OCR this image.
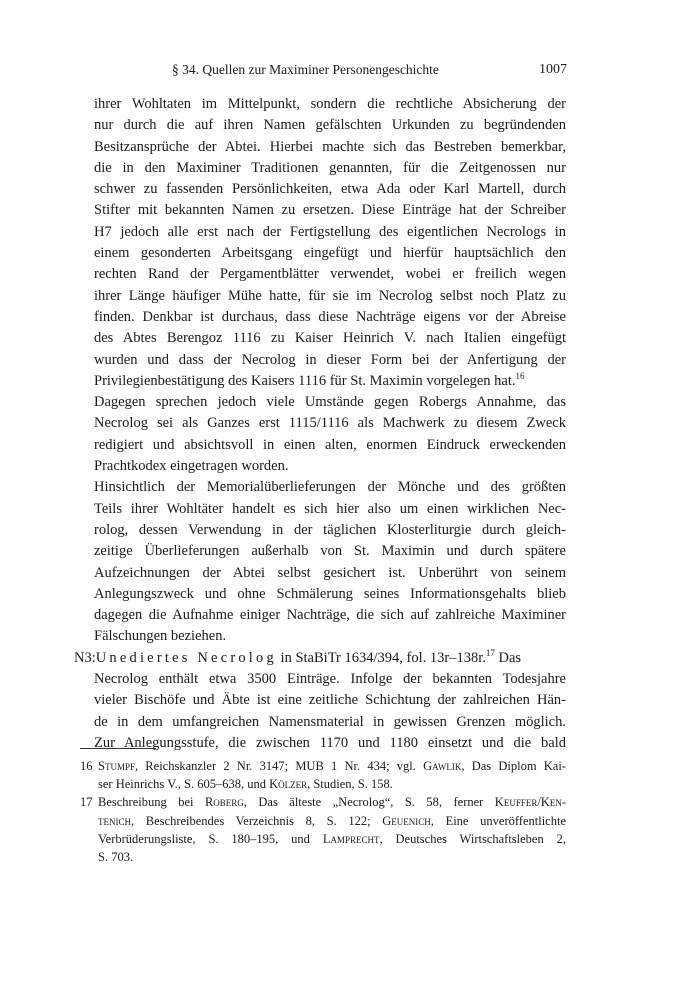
§ 34. Quellen zur Maximiner Personengeschichte	1007
ihrer Wohltaten im Mittelpunkt, sondern die rechtliche Absicherung der
nur durch die auf ihren Namen gefälschten Urkunden zu begründenden
Besitzansprüche der Abtei. Hierbei machte sich das Bestreben bemerkbar,
die in den Maximiner Traditionen genannten, für die Zeitgenossen nur
schwer zu fassenden Persönlichkeiten, etwa Ada oder Karl Martell, durch
Stifter mit bekannten Namen zu ersetzen. Diese Einträge hat der Schreiber
H7 jedoch alle erst nach der Fertigstellung des eigentlichen Necrologs in
einem gesonderten Arbeitsgang eingefügt und hierfür hauptsächlich den
rechten Rand der Pergamentblätter verwendet, wobei er freilich wegen
ihrer Länge häufiger Mühe hatte, für sie im Necrolog selbst noch Platz zu
finden. Denkbar ist durchaus, dass diese Nachträge eigens vor der Abreise
des Abtes Berengoz 1116 zu Kaiser Heinrich V. nach Italien eingefügt
wurden und dass der Necrolog in dieser Form bei der Anfertigung der
Privilegienbestätigung des Kaisers 1116 für St. Maximin vorgelegen hat.$^{16}$
Dagegen sprechen jedoch viele Umstände gegen Robergs Annahme, das
Necrolog sei als Ganzes erst 1115/1116 als Machwerk zu diesem Zweck
redigiert und absichtsvoll in einen alten, enormen Eindruck erweckenden
Prachtkodex eingetragen worden.
Hinsichtlich der Memorialüberlieferungen der Mönche und des größten
Teils ihrer Wohltäter handelt es sich hier also um einen wirklichen Nec-
rolog, dessen Verwendung in der täglichen Klosterliturgie durch gleich-
zeitige Überlieferungen außerhalb von St. Maximin und durch spätere
Aufzeichnungen der Abtei selbst gesichert ist. Unberührt von seinem
Anlegungszweck und ohne Schmälerung seines Informationsgehalts blieb
dagegen die Aufnahme einiger Nachträge, die sich auf zahlreiche Maximiner
Fälschungen beziehen.
N3:Unediertes Necrolog in StaBiTr 1634/394, fol. 13r–138r.$^{17}$ Das
Necrolog enthält etwa 3500 Einträge. Infolge der bekannten Todesjahre
vieler Bischöfe und Äbte ist eine zeitliche Schichtung der zahlreichen Hän-
de in dem umfangreichen Namensmaterial in gewissen Grenzen möglich.
Zur Anlegungsstufe, die zwischen 1170 und 1180 einsetzt und die bald
16 Stumpf, Reichskanzler 2 Nr. 3147; MUB 1 Nr. 434; vgl. Gawlik, Das Diplom Kai-
ser Heinrichs V., S. 605–638, und Kölzer, Studien, S. 158.
17 Beschreibung bei Roberg, Das älteste „Necrolog“, S. 58, ferner Keuffer/Ken-
tenich, Beschreibendes Verzeichnis 8, S. 122; Geuenich, Eine unveröffentlichte
Verbrüderungsliste, S. 180–195, und Lamprecht, Deutsches Wirtschaftsleben 2,
S. 703.
